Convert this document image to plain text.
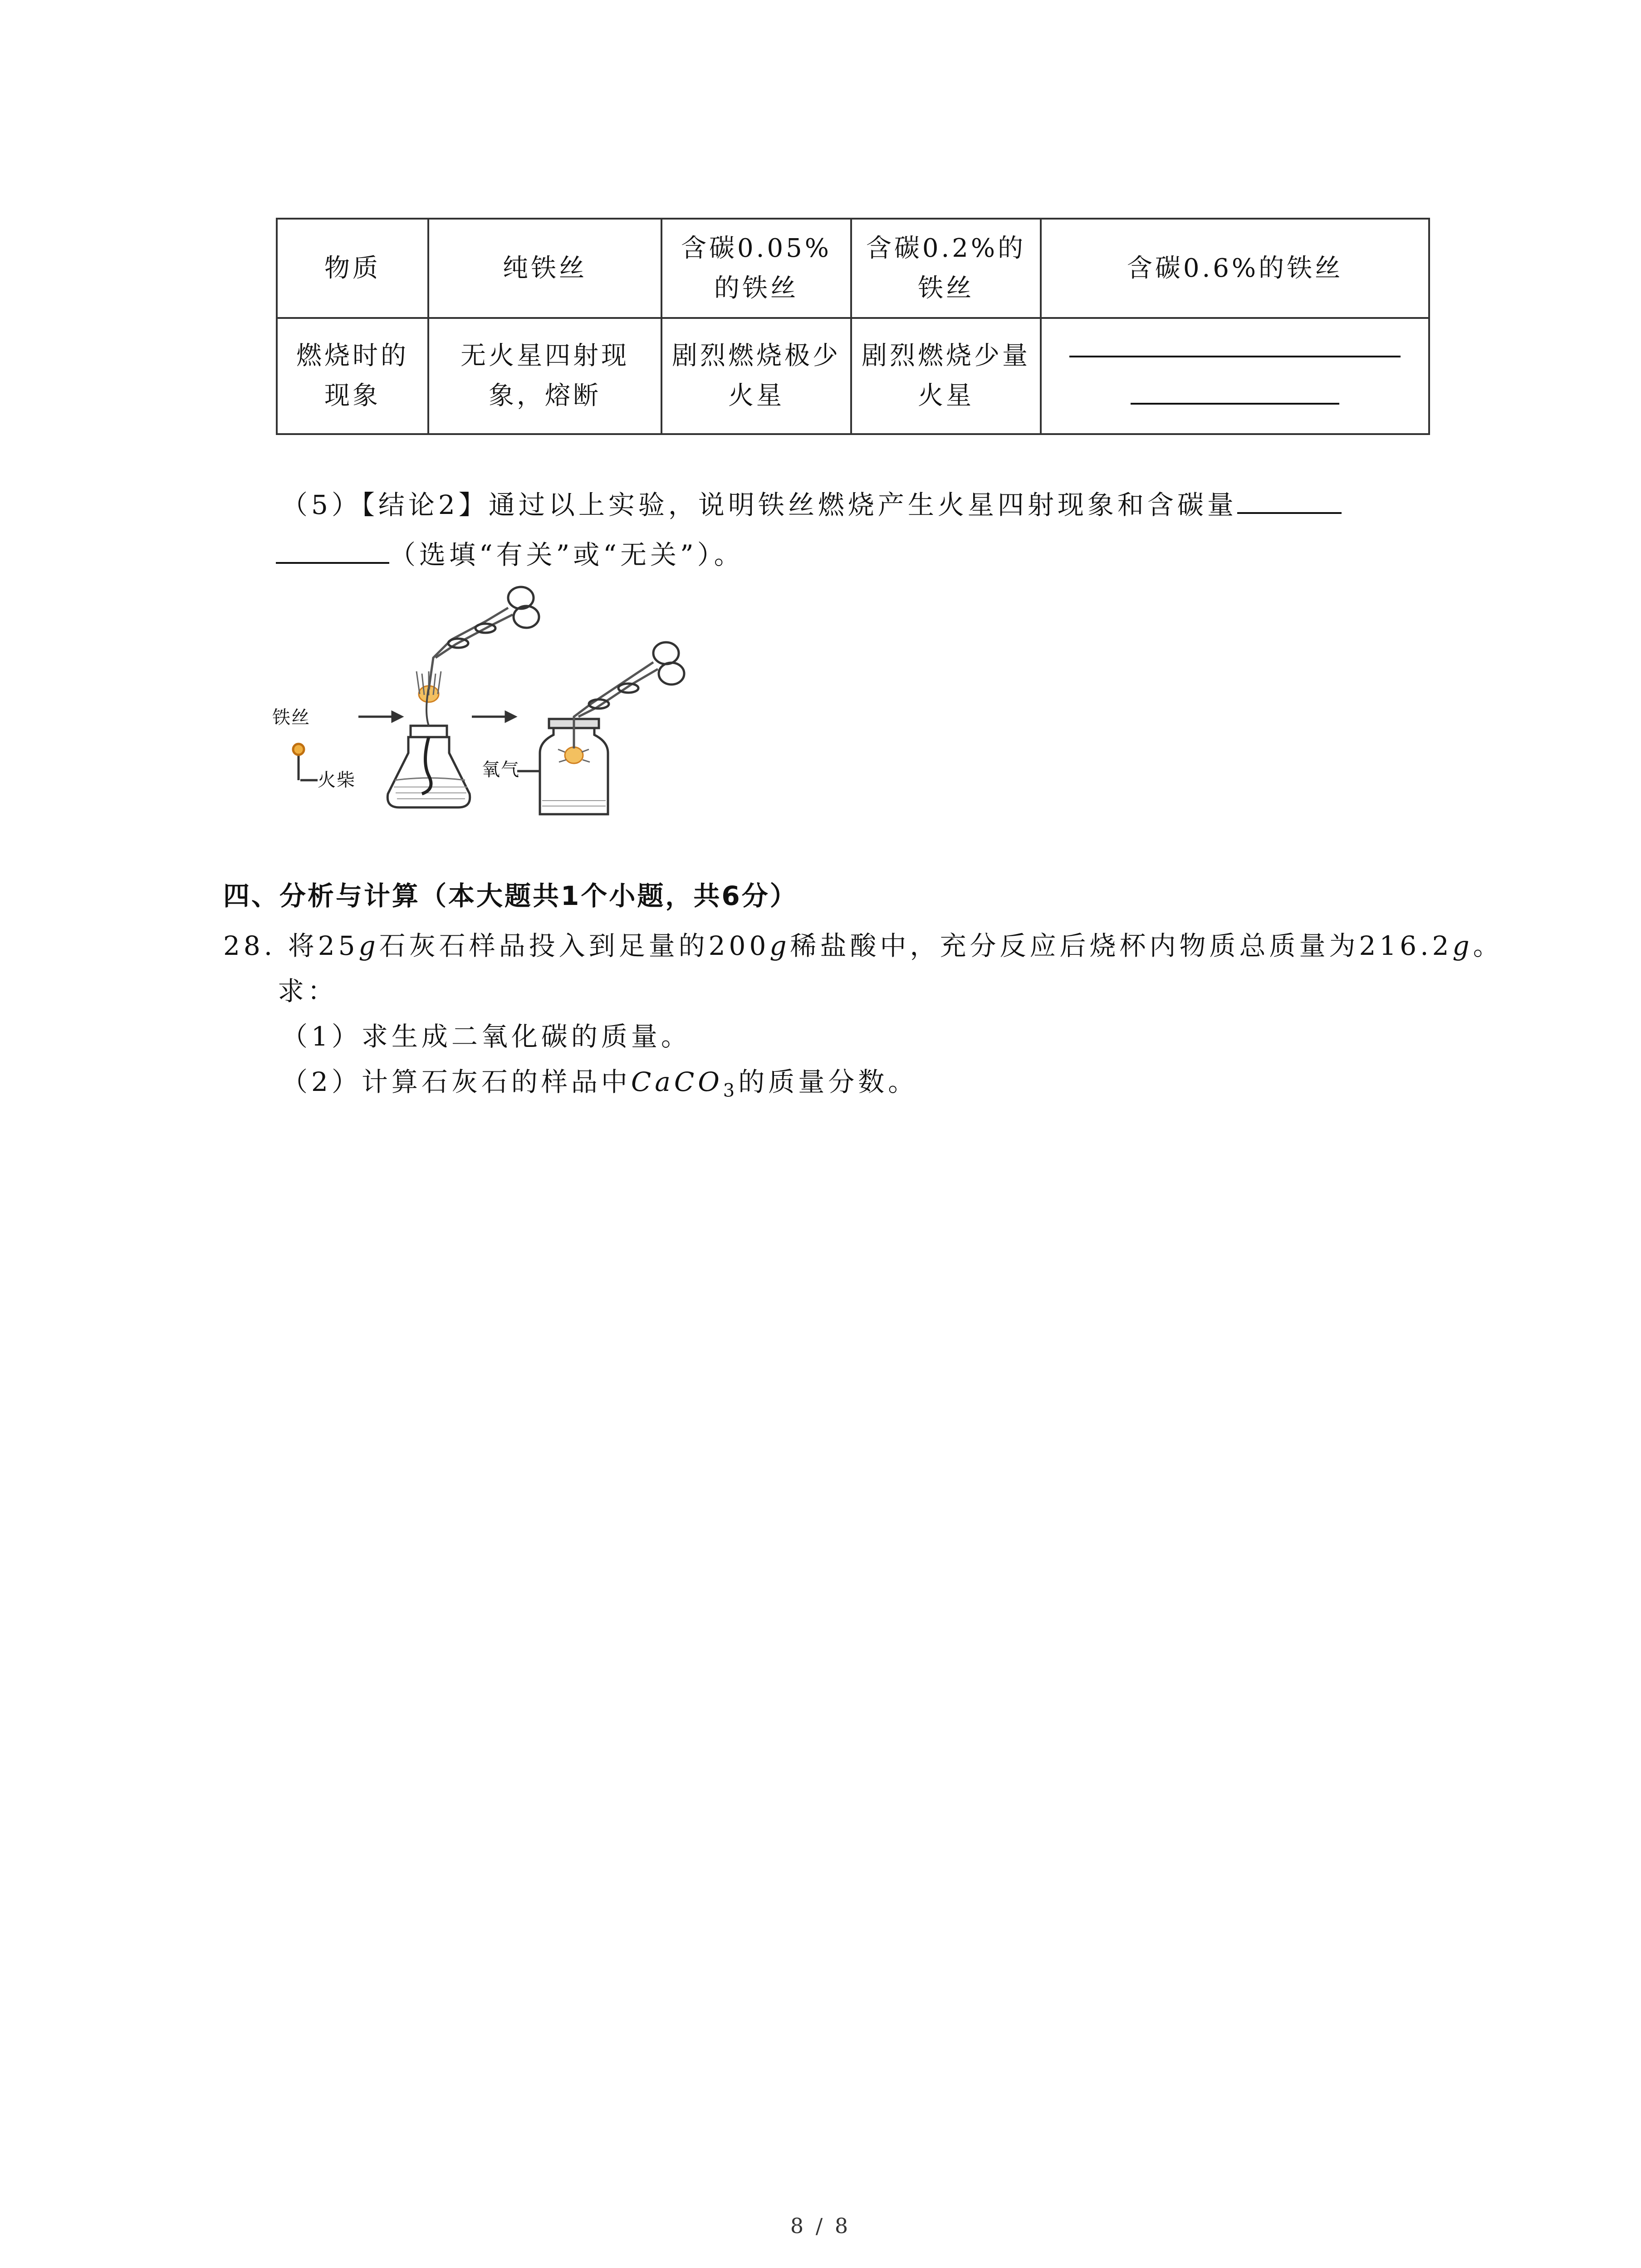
物质	纯铁丝	含碳0.05%的铁丝	含碳0.2%的铁丝	含碳0.6%的铁丝
燃烧时的现象	无火星四射现象，熔断	剧烈燃烧极少火星	剧烈燃烧少量火星	
（5）【结论2】通过以上实验，说明铁丝燃烧产生火星四射现象和含碳量
（选填“有关”或“无关”）。
铁丝
火柴	氧气
四、分析与计算（本大题共1个小题，共6分）
28. 将25g石灰石样品投入到足量的200g稀盐酸中，充分反应后烧杯内物质总质量为216.2g。
求：
（1）求生成二氧化碳的质量。
（2）计算石灰石的样品中CaCO$_3$的质量分数。
8 / 8
